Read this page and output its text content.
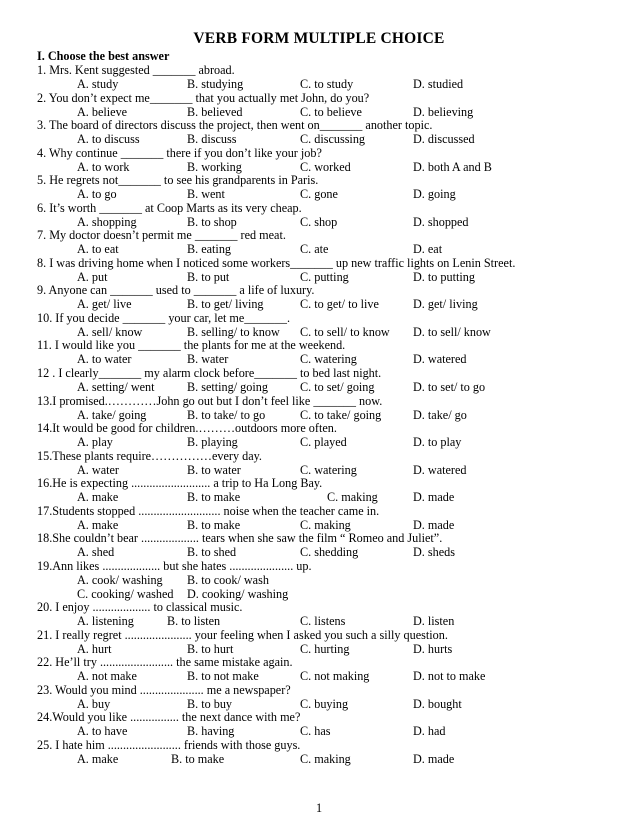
VERB FORM MULTIPLE CHOICE
I. Choose the best answer
1. Mrs. Kent suggested _______ abroad.
A. study	B. studying	C. to study	D. studied
2. You don’t expect me_______ that you actually met John, do you?
A. believe	B. believed	C. to believe	D. believing
3. The board of directors discuss the project, then went on_______ another topic.
A. to discuss	B. discuss	C. discussing	D. discussed
4. Why continue _______ there if you don’t like your job?
A. to work	B. working	C. worked	D. both A and B
5. He regrets not_______ to see his grandparents in Paris.
A. to go	B. went	C. gone	D. going
6. It’s worth _______ at Coop Marts as its very cheap.
A. shopping	B. to shop	C. shop	D. shopped
7. My doctor doesn’t permit me _______ red meat.
A. to eat	B. eating	C. ate	D. eat
8. I was driving home when I noticed some workers_______ up new traffic lights on Lenin Street.
A. put	B. to put	C. putting	D. to putting
9. Anyone can _______ used to _______ a life of luxury.
A. get/ live	B. to get/ living	C. to get/ to live	D. get/ living
10. If you decide _______ your car, let me_______.
A. sell/ know	B. selling/ to know C. to sell/ to know D. to sell/ know
11. I would like you _______ the plants for me at the weekend.
A. to water	B. water	C. watering	D. watered
12 . I clearly_______ my alarm clock before_______ to bed last night.
A. setting/ went	B. setting/ going	C. to set/ going	D. to set/ to go
13.I promised.…………John go out but I don’t feel like _______ now.
A. take/ going	B. to take/ to go	C. to take/ going	D. take/ go
14.It would be good for children.………outdoors more often.
A. play	B. playing	C. played	D. to play
15.These plants require……………every day.
A. water	B. to water	C. watering	D. watered
16.He is expecting .......................... a trip to Ha Long Bay.
A. make	B. to make	C. making	D. made
17.Students stopped ........................... noise when the teacher came in.
A. make	B. to make	C. making	D. made
18.She couldn’t bear ................... tears when she saw the film “ Romeo and Juliet”.
A. shed	B. to shed	C. shedding	D. sheds
19.Ann likes ................... but she hates ..................... up.
A. cook/ washing B. to cook/ wash
C. cooking/ washed D. cooking/ washing
20. I enjoy ................... to classical music.
A. listening	B. to listen	C. listens	D. listen
21. I really regret ...................... your feeling when I asked you such a silly question.
A. hurt	B. to hurt	C. hurting	D. hurts
22. He’ll try ........................ the same mistake again.
A. not make	B. to not make	C. not making	D. not to make
23. Would you mind ..................... me a newspaper?
A. buy	B. to buy	C. buying	D. bought
24.Would you like ................ the next dance with me?
A. to have	B. having	C. has	D. had
25. I hate him ........................ friends with those guys.
A. make	B. to make	C. making	D. made
1
